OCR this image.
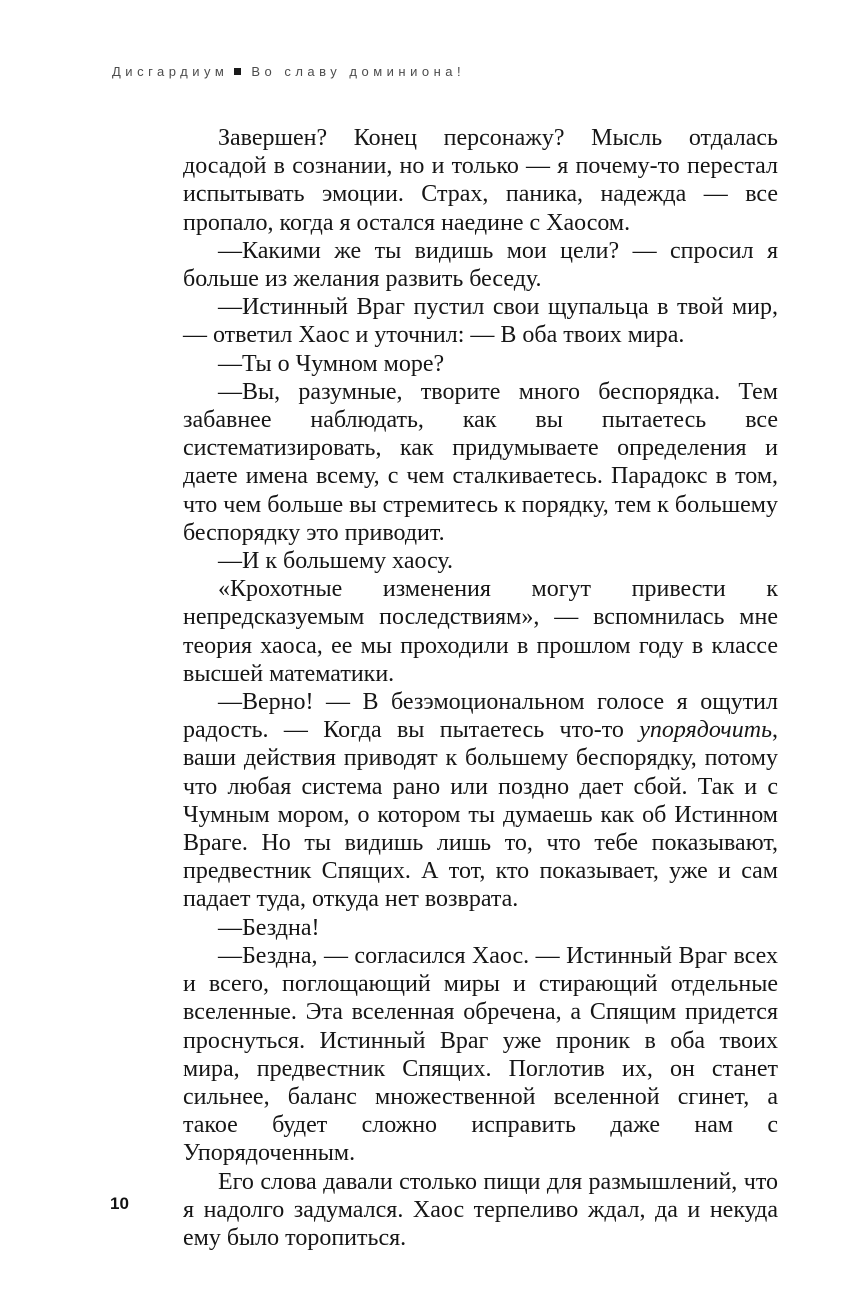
Дисгардиум Во славу доминиона!

Завершен? Конец персонажу? Мысль отдалась досадой в сознании, но и только — я почему-то перестал испытывать эмоции. Страх, паника, надежда — все пропало, когда я остался наедине с Хаосом.

—Какими же ты видишь мои цели? — спросил я больше из желания развить беседу.

—Истинный Враг пустил свои щупальца в твой мир, — ответил Хаос и уточнил: — В оба твоих мира.

—Ты о Чумном море?

—Вы, разумные, творите много беспорядка. Тем забавнее наблюдать, как вы пытаетесь все систематизировать, как придумываете определения и даете имена всему, с чем сталкиваетесь. Парадокс в том, что чем больше вы стремитесь к порядку, тем к большему беспорядку это приводит.

—И к большему хаосу.

«Крохотные изменения могут привести к непредсказуемым последствиям», — вспомнилась мне теория хаоса, ее мы проходили в прошлом году в классе высшей математики.

—Верно! — В безэмоциональном голосе я ощутил радость. — Когда вы пытаетесь что-то упорядочить, ваши действия приводят к большему беспорядку, потому что любая система рано или поздно дает сбой. Так и с Чумным мором, о котором ты думаешь как об Истинном Враге. Но ты видишь лишь то, что тебе показывают, предвестник Спящих. А тот, кто показывает, уже и сам падает туда, откуда нет возврата.

—Бездна!

—Бездна, — согласился Хаос. — Истинный Враг всех и всего, поглощающий миры и стирающий отдельные вселенные. Эта вселенная обречена, а Спящим придется проснуться. Истинный Враг уже проник в оба твоих мира, предвестник Спящих. Поглотив их, он станет сильнее, баланс множественной вселенной сгинет, а такое будет сложно исправить даже нам с Упорядоченным.

Его слова давали столько пищи для размышлений, что я надолго задумался. Хаос терпеливо ждал, да и некуда ему было торопиться.

10
